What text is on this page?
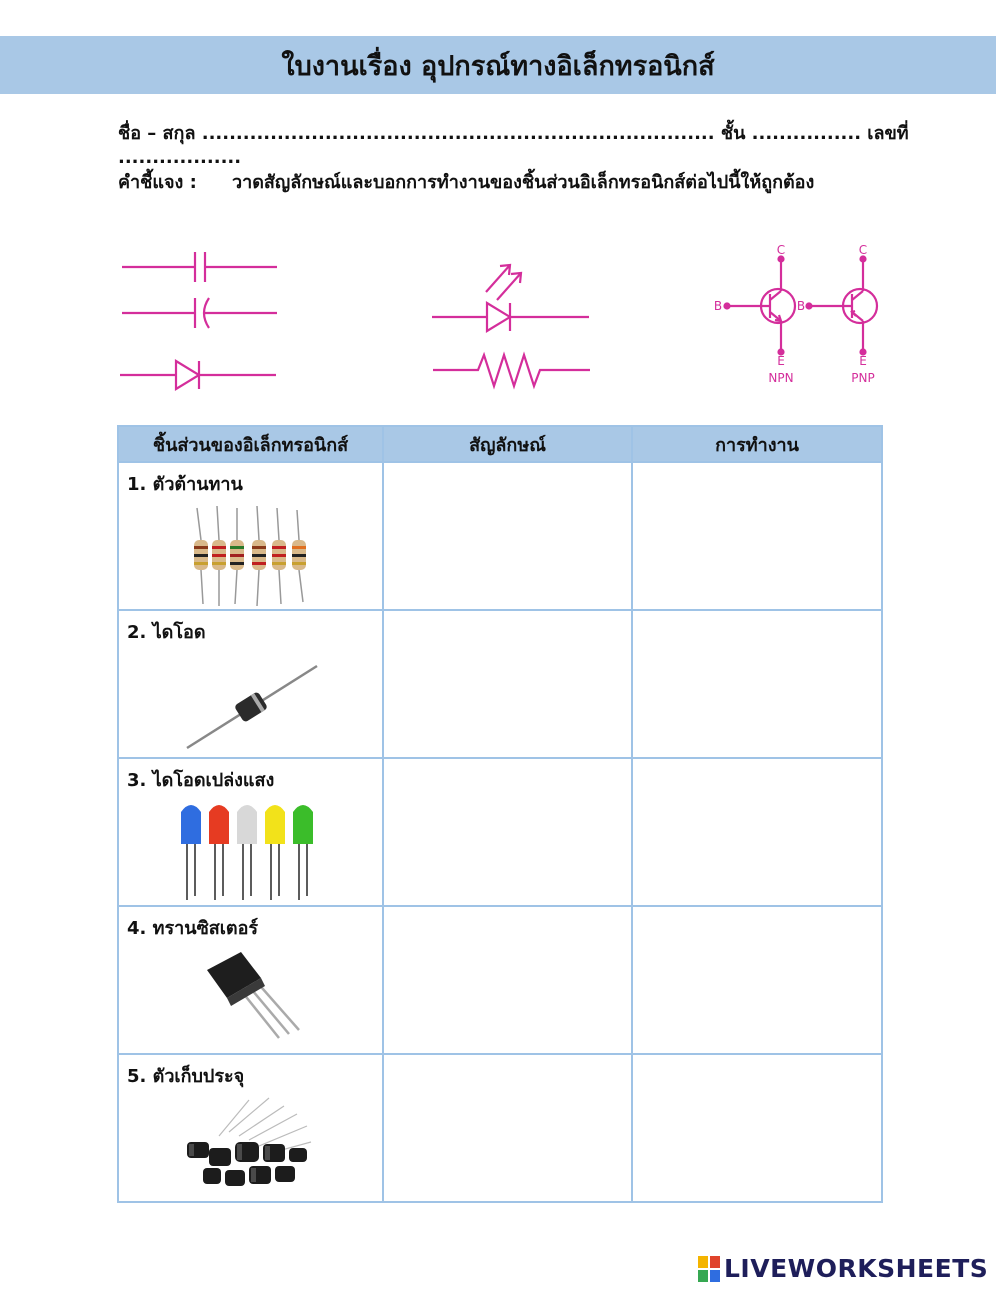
ใบงานเรื่อง อุปกรณ์ทางอิเล็กทรอนิกส์
ชื่อ – สกุล ........................................................................... ชั้น ................ เลขที่ ..................
คำชี้แจง : วาดสัญลักษณ์และบอกการทำงานของชิ้นส่วนอิเล็กทรอนิกส์ต่อไปนี้ให้ถูกต้อง
C
B
E
NPN
C
B
E
PNP
ชิ้นส่วนของอิเล็กทรอนิกส์	สัญลักษณ์	การทำงาน

1. ตัวต้านทาน		

2. ไดโอด		

3. ไดโอดเปล่งแสง		

4. ทรานซิสเตอร์		

5. ตัวเก็บประจุ		

LIVEWORKSHEETS
